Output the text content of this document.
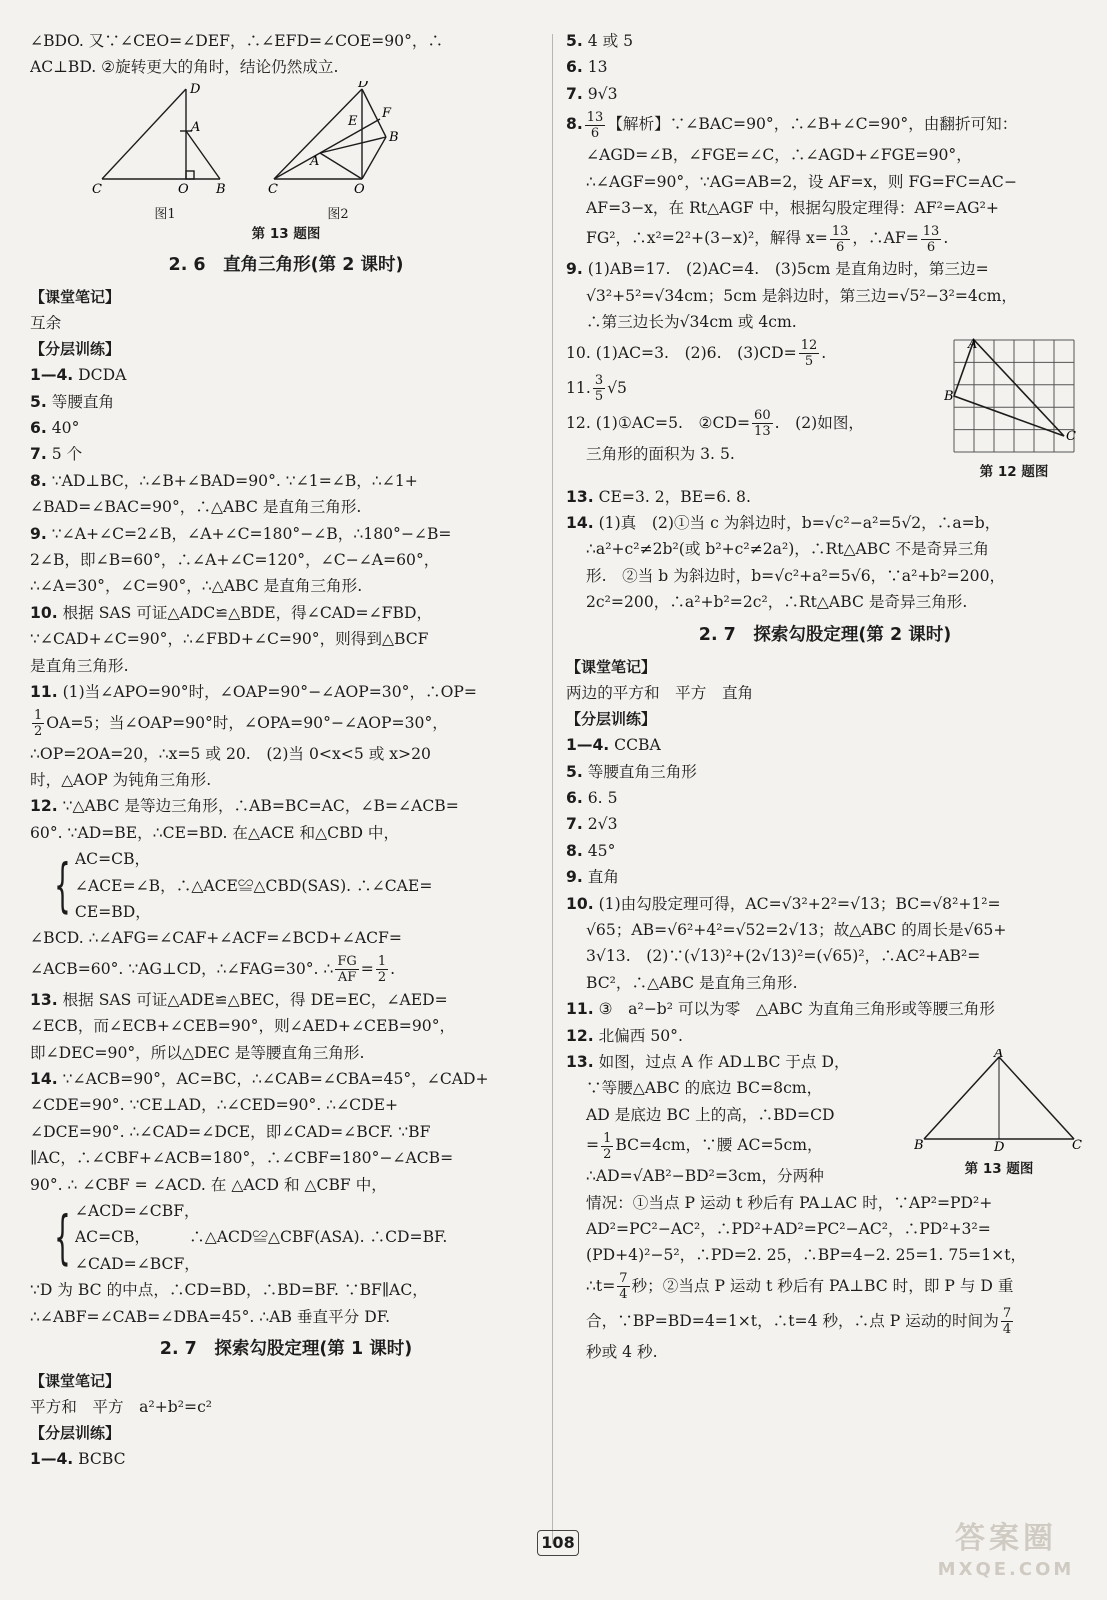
∠BDO. 又∵∠CEO=∠DEF，∴∠EFD=∠COE=90°，∴
AC⊥BD. ②旋转更大的角时，结论仍然成立.
D
A
C	O B
图1
D
E
F
B
A
C	O
图2
第 13 题图
2. 6　直角三角形(第 2 课时)
【课堂笔记】
互余
【分层训练】
1—4. DCDA
5. 等腰直角
6. 40°
7. 5 个
8. ∵AD⊥BC，∴∠B+∠BAD=90°. ∵∠1=∠B，∴∠1+
∠BAD=∠BAC=90°，∴△ABC 是直角三角形.
9. ∵∠A+∠C=2∠B，∠A+∠C=180°−∠B，∴180°−∠B=
2∠B，即∠B=60°，∴∠A+∠C=120°，∠C−∠A=60°，
∴∠A=30°，∠C=90°，∴△ABC 是直角三角形.
10. 根据 SAS 可证△ADC≌△BDE，得∠CAD=∠FBD，
∵∠CAD+∠C=90°，∴∠FBD+∠C=90°，则得到△BCF
是直角三角形.
11. (1)当∠APO=90°时，∠OAP=90°−∠AOP=30°，∴OP=
$\frac{1}{2} OA=5$；当∠OAP=90°时，∠OPA=90°−∠AOP=30°，
∴OP=2OA=20，∴x=5 或 20.　(2)当 0<x<5 或 x>20
时，△AOP 为钝角三角形.
12. ∵△ABC 是等边三角形，∴AB=BC=AC，∠B=∠ACB=
60°. ∵AD=BE，∴CE=BD. 在△ACE 和△CBD 中，
{ AC=CB，
∠ACE=∠B，∴△ACE≌△CBD(SAS). ∴∠CAE=
CE=BD，
∠BCD. ∴∠AFG=∠CAF+∠ACF=∠BCD+∠ACF=
∠ACB=60°. ∵AG⊥CD，∴∠FAG=30°. ∴ $\frac{FG}{AF} = \frac{1}{2}$ .
13. 根据 SAS 可证△ADE≌△BEC，得 DE=EC，∠AED=
∠ECB，而∠ECB+∠CEB=90°，则∠AED+∠CEB=90°，
即∠DEC=90°，所以△DEC 是等腰直角三角形.
14. ∵∠ACB=90°，AC=BC，∴∠CAB=∠CBA=45°，∠CAD+
∠CDE=90°. ∵CE⊥AD，∴∠CED=90°. ∴∠CDE+
∠DCE=90°. ∴∠CAD=∠DCE，即∠CAD=∠BCF. ∵BF
∥AC，∴∠CBF+∠ACB=180°，∴∠CBF=180°−∠ACB=
90°. ∴ ∠CBF = ∠ACD. 在 △ACD 和 △CBF 中，
{ ∠ACD=∠CBF，
AC=CB，　　　∴△ACD≌△CBF(ASA). ∴CD=BF.
∠CAD=∠BCF，
∵D 为 BC 的中点，∴CD=BD，∴BD=BF. ∵BF∥AC，
∴∠ABF=∠CAB=∠DBA=45°. ∴AB 垂直平分 DF.
2. 7　探索勾股定理(第 1 课时)
【课堂笔记】
平方和　平方　a²+b²=c²
【分层训练】
1—4. BCBC
5. 4 或 5
6. 13
7. 9√3
8. $\frac{13}{6}$ 【解析】∵∠BAC=90°，∴∠B+∠C=90°，由翻折可知：
∠AGD=∠B，∠FGE=∠C，∴∠AGD+∠FGE=90°，
∴∠AGF=90°，∵AG=AB=2，设 AF=x，则 FG=FC=AC−
AF=3−x，在 Rt△AGF 中，根据勾股定理得：AF²=AG²+
FG²，∴x²=2²+(3−x)²，解得 $x= \frac{13}{6}$ ，∴AF= $\frac{13}{6}$ .
9. (1)AB=17.　(2)AC=4.　(3)5cm 是直角边时，第三边=
√3²+5²=√34cm；5cm 是斜边时，第三边=√5²−3²=4cm，
∴第三边长为√34cm 或 4cm.
10. (1)AC=3.　(2)6.　$(3)CD= \frac{12}{5}$ .
11. $\frac{3}{5} √5$
12. (1)①AC=5.　②CD= $\frac{60}{13}$ .　(2)如图，
三角形的面积为 3. 5.
A
B
C
第 12 题图
13. CE=3. 2，BE=6. 8.
14. (1)真　(2)①当 c 为斜边时，b=√c²−a²=5√2，∴a=b，
∴a²+c²≠2b²(或 b²+c²≠2a²)，∴Rt△ABC 不是奇异三角
形.　②当 b 为斜边时，b=√c²+a²=5√6，∵a²+b²=200，
2c²=200，∴a²+b²=2c²，∴Rt△ABC 是奇异三角形.
2. 7　探索勾股定理(第 2 课时)
【课堂笔记】
两边的平方和　平方　直角
【分层训练】
1—4. CCBA
5. 等腰直角三角形
6. 6. 5
7. 2√3
8. 45°
9. 直角
10. (1)由勾股定理可得，AC=√3²+2²=√13；BC=√8²+1²=
√65；AB=√6²+4²=√52=2√13；故△ABC 的周长是√65+
3√13.　(2)∵(√13)²+(2√13)²=(√65)²，∴AC²+AB²=
BC²，∴△ABC 是直角三角形.
11. ③　a²−b² 可以为零　△ABC 为直角三角形或等腰三角形
12. 北偏西 50°.
13. 如图，过点 A 作 AD⊥BC 于点 D，
∵等腰△ABC 的底边 BC=8cm，
AD 是底边 BC 上的高，∴BD=CD
= $\frac{1}{2} BC=4cm$，∵腰 AC=5cm，
∴AD=√AB²−BD²=3cm，分两种
A
B	D	C
第 13 题图
情况：①当点 P 运动 t 秒后有 PA⊥AC 时，∵AP²=PD²+
AD²=PC²−AC²，∴PD²+AD²=PC²−AC²，∴PD²+3²=
(PD+4)²−5²，∴PD=2. 25，∴BP=4−2. 25=1. 75=1×t，
∴t= $\frac{7}{4}$ 秒；②当点 P 运动 t 秒后有 PA⊥BC 时，即 P 与 D 重
合，∵BP=BD=4=1×t，∴t=4 秒，∴点 P 运动的时间为 $\frac{7}{4}$
秒或 4 秒.
108	答案圈
MXQE.COM
